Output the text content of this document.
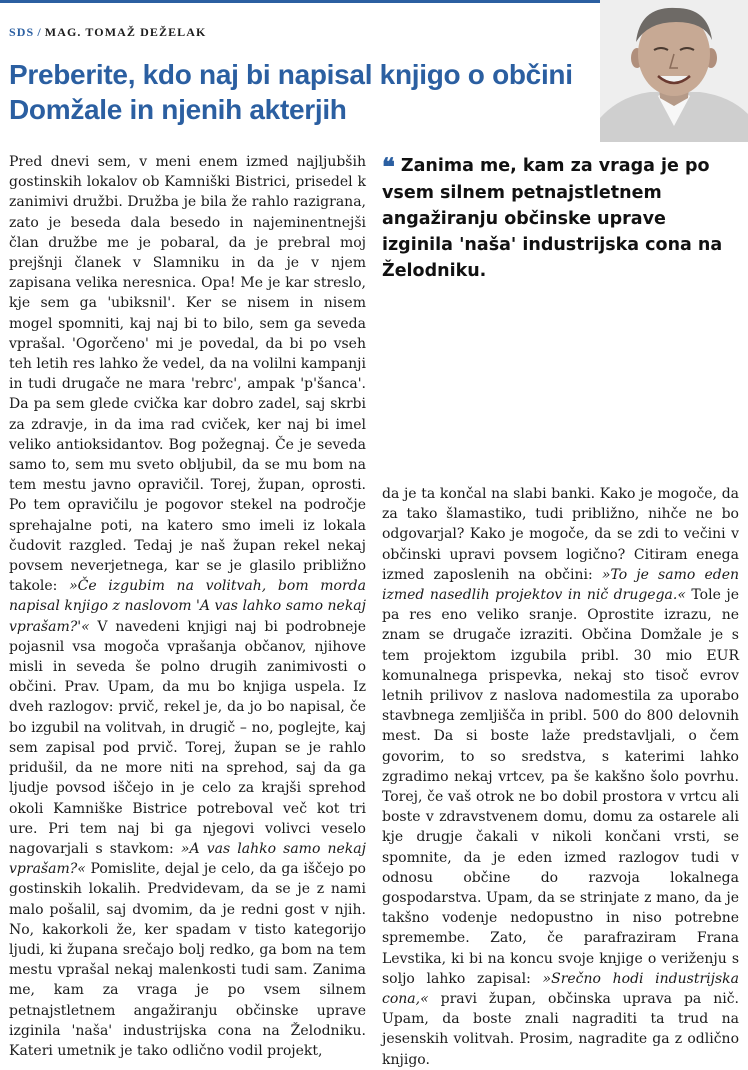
SDS / MAG. TOMAŽ DEŽELAK
Preberite, kdo naj bi napisal knjigo o občini Domžale in njenih akterjih

Pred dnevi sem, v meni enem izmed najljubših gostinskih lokalov ob Kamniški Bistrici, prisedel k zanimivi družbi. Družba je bila že rahlo razigrana, zato je beseda dala besedo in najeminentnejši član družbe me je pobaral, da je prebral moj prejšnji članek v Slamniku in da je v njem zapisana velika neresnica. Opa! Me je kar streslo, kje sem ga 'ubiksnil'. Ker se nisem in nisem mogel spomniti, kaj naj bi to bilo, sem ga seveda vprašal. 'Ogorčeno' mi je povedal, da bi po vseh teh letih res lahko že vedel, da na volilni kampanji in tudi drugače ne mara 'rebrc', ampak 'p'šanca'. Da pa sem glede cvička kar dobro zadel, saj skrbi za zdravje, in da ima rad cviček, ker naj bi imel veliko antioksidantov. Bog požegnaj. Če je seveda samo to, sem mu sveto obljubil, da se mu bom na tem mestu javno opravičil. Torej, župan, oprosti. Po tem opravičilu je pogovor stekel na področje sprehajalne poti, na katero smo imeli iz lokala čudovit razgled. Tedaj je naš župan rekel nekaj povsem neverjetnega, kar se je glasilo približno takole: »Če izgubim na volitvah, bom morda napisal knjigo z naslovom 'A vas lahko samo nekaj vprašam?'« V navedeni knjigi naj bi podrobneje pojasnil vsa mogoča vprašanja občanov, njihove misli in seveda še polno drugih zanimivosti o občini. Prav. Upam, da mu bo knjiga uspela. Iz dveh razlogov: prvič, rekel je, da jo bo napisal, če bo izgubil na volitvah, in drugič – no, poglejte, kaj sem zapisal pod prvič. Torej, župan se je rahlo pridušil, da ne more niti na sprehod, saj da ga ljudje povsod iščejo in je celo za krajši sprehod okoli Kamniške Bistrice potreboval več kot tri ure. Pri tem naj bi ga njegovi volivci veselo nagovarjali s stavkom: »A vas lahko samo nekaj vprašam?« Pomislite, dejal je celo, da ga iščejo po gostinskih lokalih. Predvidevam, da se je z nami malo pošalil, saj dvomim, da je redni gost v njih. No, kakorkoli že, ker spadam v tisto kategorijo ljudi, ki župana srečajo bolj redko, ga bom na tem mestu vprašal nekaj malenkosti tudi sam. Zanima me, kam za vraga je po vsem silnem petnajstletnem angažiranju občinske uprave izginila 'naša' industrijska cona na Želodniku. Kateri umetnik je tako odlično vodil projekt,

❝ Zanima me, kam za vraga je po vsem silnem petnajstletnem angažiranju občinske uprave izginila 'naša' industrijska cona na Želodniku.

da je ta končal na slabi banki. Kako je mogoče, da za tako šlamastiko, tudi približno, nihče ne bo odgovarjal? Kako je mogoče, da se zdi to večini v občinski upravi povsem logično? Citiram enega izmed zaposlenih na občini: »To je samo eden izmed nasedlih projektov in nič drugega.« Tole je pa res eno veliko sranje. Oprostite izrazu, ne znam se drugače izraziti. Občina Domžale je s tem projektom izgubila pribl. 30 mio EUR komunalnega prispevka, nekaj sto tisoč evrov letnih prilivov z naslova nadomestila za uporabo stavbnega zemljišča in pribl. 500 do 800 delovnih mest. Da si boste laže predstavljali, o čem govorim, to so sredstva, s katerimi lahko zgradimo nekaj vrtcev, pa še kakšno šolo povrhu. Torej, če vaš otrok ne bo dobil prostora v vrtcu ali boste v zdravstvenem domu, domu za ostarele ali kje drugje čakali v nikoli končani vrsti, se spomnite, da je eden izmed razlogov tudi v odnosu občine do razvoja lokalnega gospodarstva. Upam, da se strinjate z mano, da je takšno vodenje nedopustno in niso potrebne spremembe. Zato, če parafraziram Frana Levstika, ki bi na koncu svoje knjige o veriženju s soljo lahko zapisal: »Srečno hodi industrijska cona,« pravi župan, občinska uprava pa nič. Upam, da boste znali nagraditi ta trud na jesenskih volitvah. Prosim, nagradite ga z odlično knjigo.
